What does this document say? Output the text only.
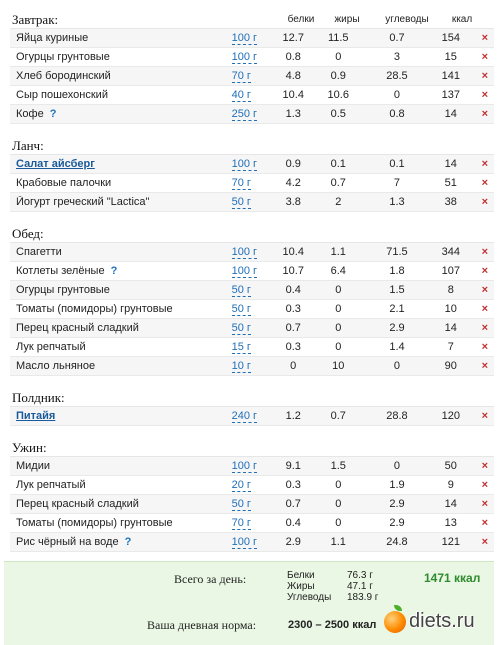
Завтрак:	белки	жиры	углеводы	ккал
Яйца куриные	100 г	12.7	11.5	0.7	154	×
Огурцы грунтовые	100 г	0.8	0	3	15	×
Хлеб бородинский	70 г	4.8	0.9	28.5	141	×
Сыр пошехонский	40 г	10.4	10.6	0	137	×
Кофе ?	250 г	1.3	0.5	0.8	14	×
Ланч:
Салат айсберг	100 г	0.9	0.1	0.1	14	×
Крабовые палочки	70 г	4.2	0.7	7	51	×
Йогурт греческий "Lactica"	50 г	3.8	2	1.3	38	×
Обед:
Спагетти	100 г	10.4	1.1	71.5	344	×
Котлеты зелёные ?	100 г	10.7	6.4	1.8	107	×
Огурцы грунтовые	50 г	0.4	0	1.5	8	×
Томаты (помидоры) грунтовые	50 г	0.3	0	2.1	10	×
Перец красный сладкий	50 г	0.7	0	2.9	14	×
Лук репчатый	15 г	0.3	0	1.4	7	×
Масло льняное	10 г	0	10	0	90	×
Полдник:
Питайя	240 г	1.2	0.7	28.8	120	×
Ужин:
Мидии	100 г	9.1	1.5	0	50	×
Лук репчатый	20 г	0.3	0	1.9	9	×
Перец красный сладкий	50 г	0.7	0	2.9	14	×
Томаты (помидоры) грунтовые	70 г	0.4	0	2.9	13	×
Рис чёрный на воде ?	100 г	2.9	1.1	24.8	121	×
Всего за день:	Белки	76.3 г
Жиры	47.1 г
Углеводы	183.9 г
1471 ккал
Ваша дневная норма:	2300 – 2500 ккал diets.ru
